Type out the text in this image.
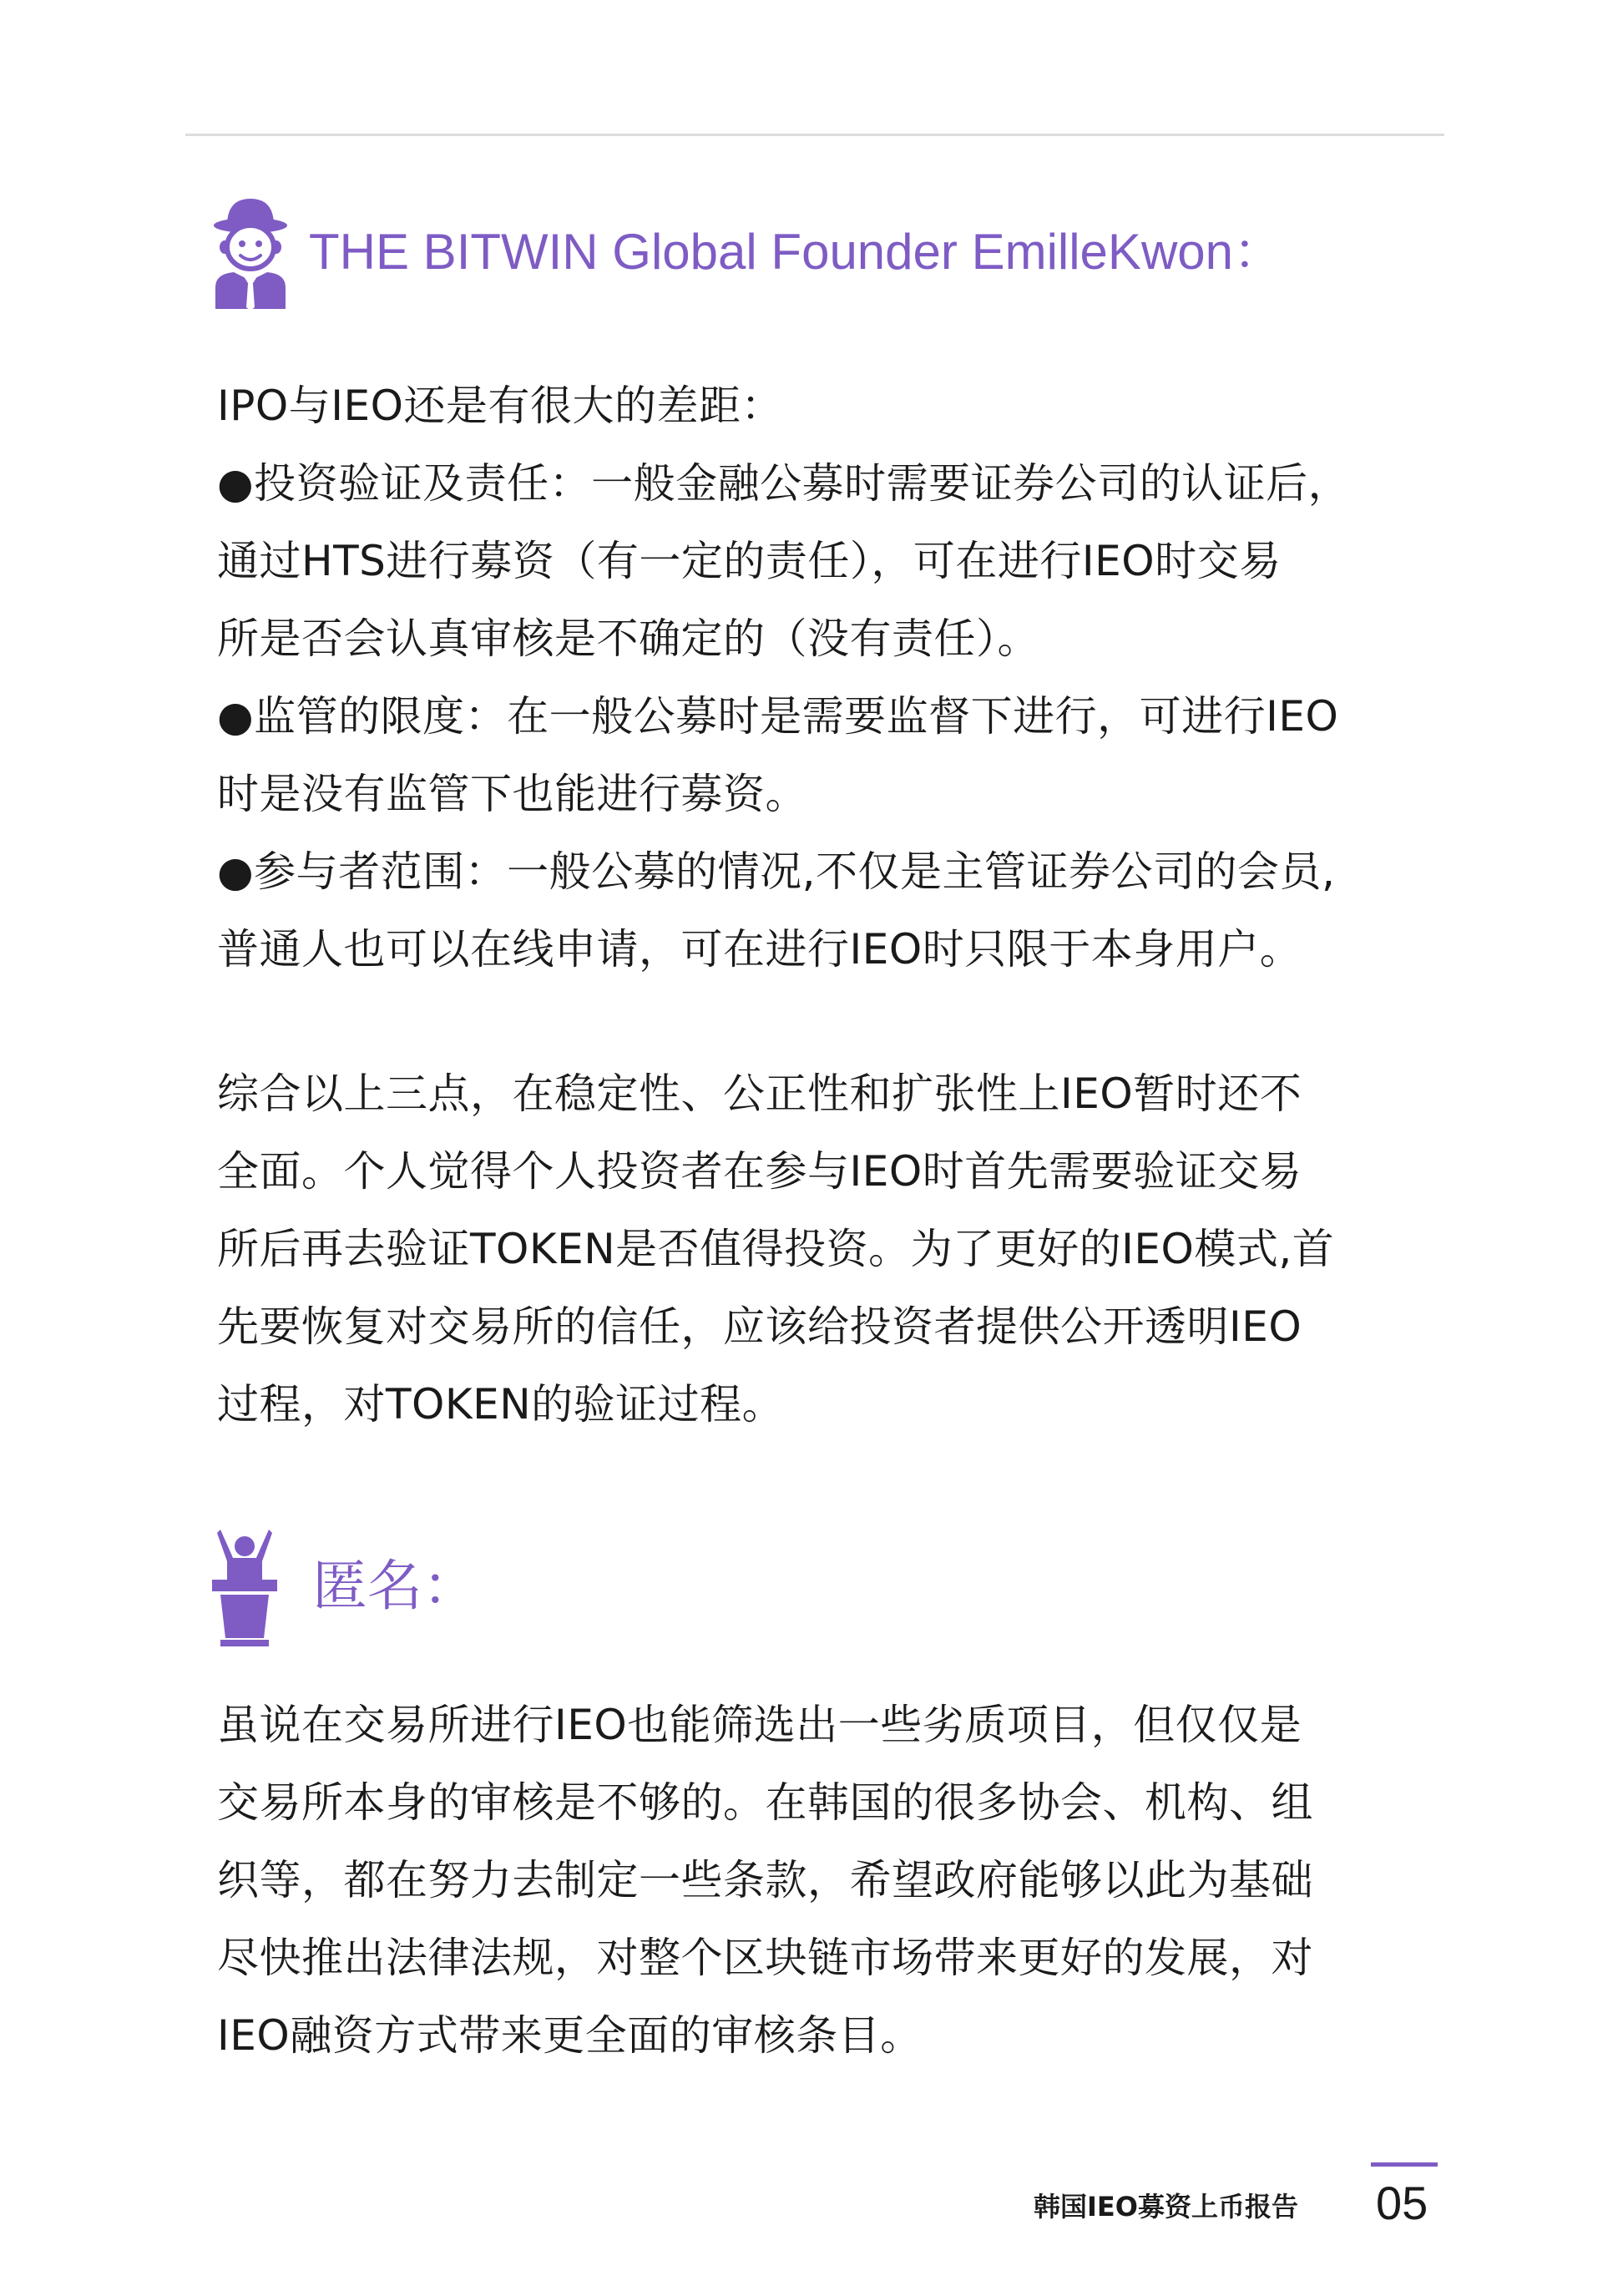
THE BITWIN Global Founder EmilleKwon：

IPO与IEO还是有很大的差距：

●投资验证及责任：一般金融公募时需要证券公司的认证后，

通过HTS进行募资（有一定的责任），可在进行IEO时交易

所是否会认真审核是不确定的（没有责任）。

●监管的限度：在一般公募时是需要监督下进行，可进行IEO

时是没有监管下也能进行募资。

●参与者范围：一般公募的情况,不仅是主管证券公司的会员,

普通人也可以在线申请，可在进行IEO时只限于本身用户。

综合以上三点，在稳定性、公正性和扩张性上IEO暂时还不

全面。个人觉得个人投资者在参与IEO时首先需要验证交易

所后再去验证TOKEN是否值得投资。为了更好的IEO模式,首

先要恢复对交易所的信任，应该给投资者提供公开透明IEO

过程，对TOKEN的验证过程。

匿名：

虽说在交易所进行IEO也能筛选出一些劣质项目，但仅仅是

交易所本身的审核是不够的。在韩国的很多协会、机构、组

织等，都在努力去制定一些条款，希望政府能够以此为基础

尽快推出法律法规，对整个区块链市场带来更好的发展，对

IEO融资方式带来更全面的审核条目。

韩国IEO募资上币报告 05
